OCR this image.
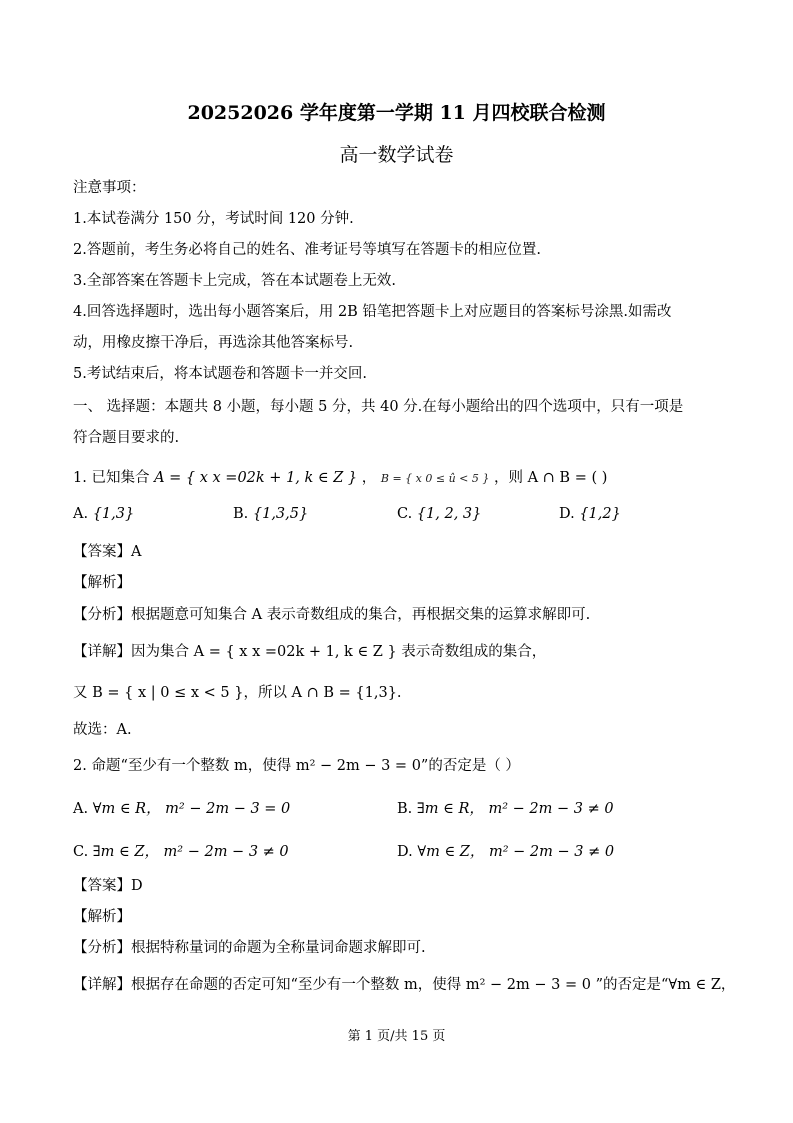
20252026 学年度第一学期 11 月四校联合检测
高一数学试卷
注意事项：
1.本试卷满分 150 分，考试时间 120 分钟.
2.答题前，考生务必将自己的姓名、准考证号等填写在答题卡的相应位置.
3.全部答案在答题卡上完成，答在本试题卷上无效.
4.回答选择题时，选出每小题答案后，用 2B 铅笔把答题卡上对应题目的答案标号涂黑.如需改
动，用橡皮擦干净后，再选涂其他答案标号.
5.考试结束后，将本试题卷和答题卡一并交回.
一、 选择题：本题共 8 小题，每小题 5 分，共 40 分.在每小题给出的四个选项中，只有一项是
符合题目要求的.
1. 已知集合 A = { x x =02k + 1, k ∈ Z } ， B = { x 0 ≤ û < 5 } ，则 A ∩ B = ( )
A. {1,3}	B. {1,3,5}	C. {1, 2, 3}	D. {1,2}
【答案】A
【解析】
【分析】根据题意可知集合 A 表示奇数组成的集合，再根据交集的运算求解即可.
【详解】因为集合 A = { x x =02k + 1, k ∈ Z } 表示奇数组成的集合，
又 B = { x | 0 ≤ x < 5 }，所以 A ∩ B = {1,3}.
故选：A.
2. 命题“至少有一个整数 m，使得 m² − 2m − 3 = 0”的否定是（ ）
A. ∀m ∈ R， m² − 2m − 3 = 0	B. ∃m ∈ R， m² − 2m − 3 ≠ 0
C. ∃m ∈ Z， m² − 2m − 3 ≠ 0	D. ∀m ∈ Z， m² − 2m − 3 ≠ 0
【答案】D
【解析】
【分析】根据特称量词的命题为全称量词命题求解即可.
【详解】根据存在命题的否定可知“至少有一个整数 m，使得 m² − 2m − 3 = 0 ”的否定是“∀m ∈ Z，
第 1 页/共 15 页
